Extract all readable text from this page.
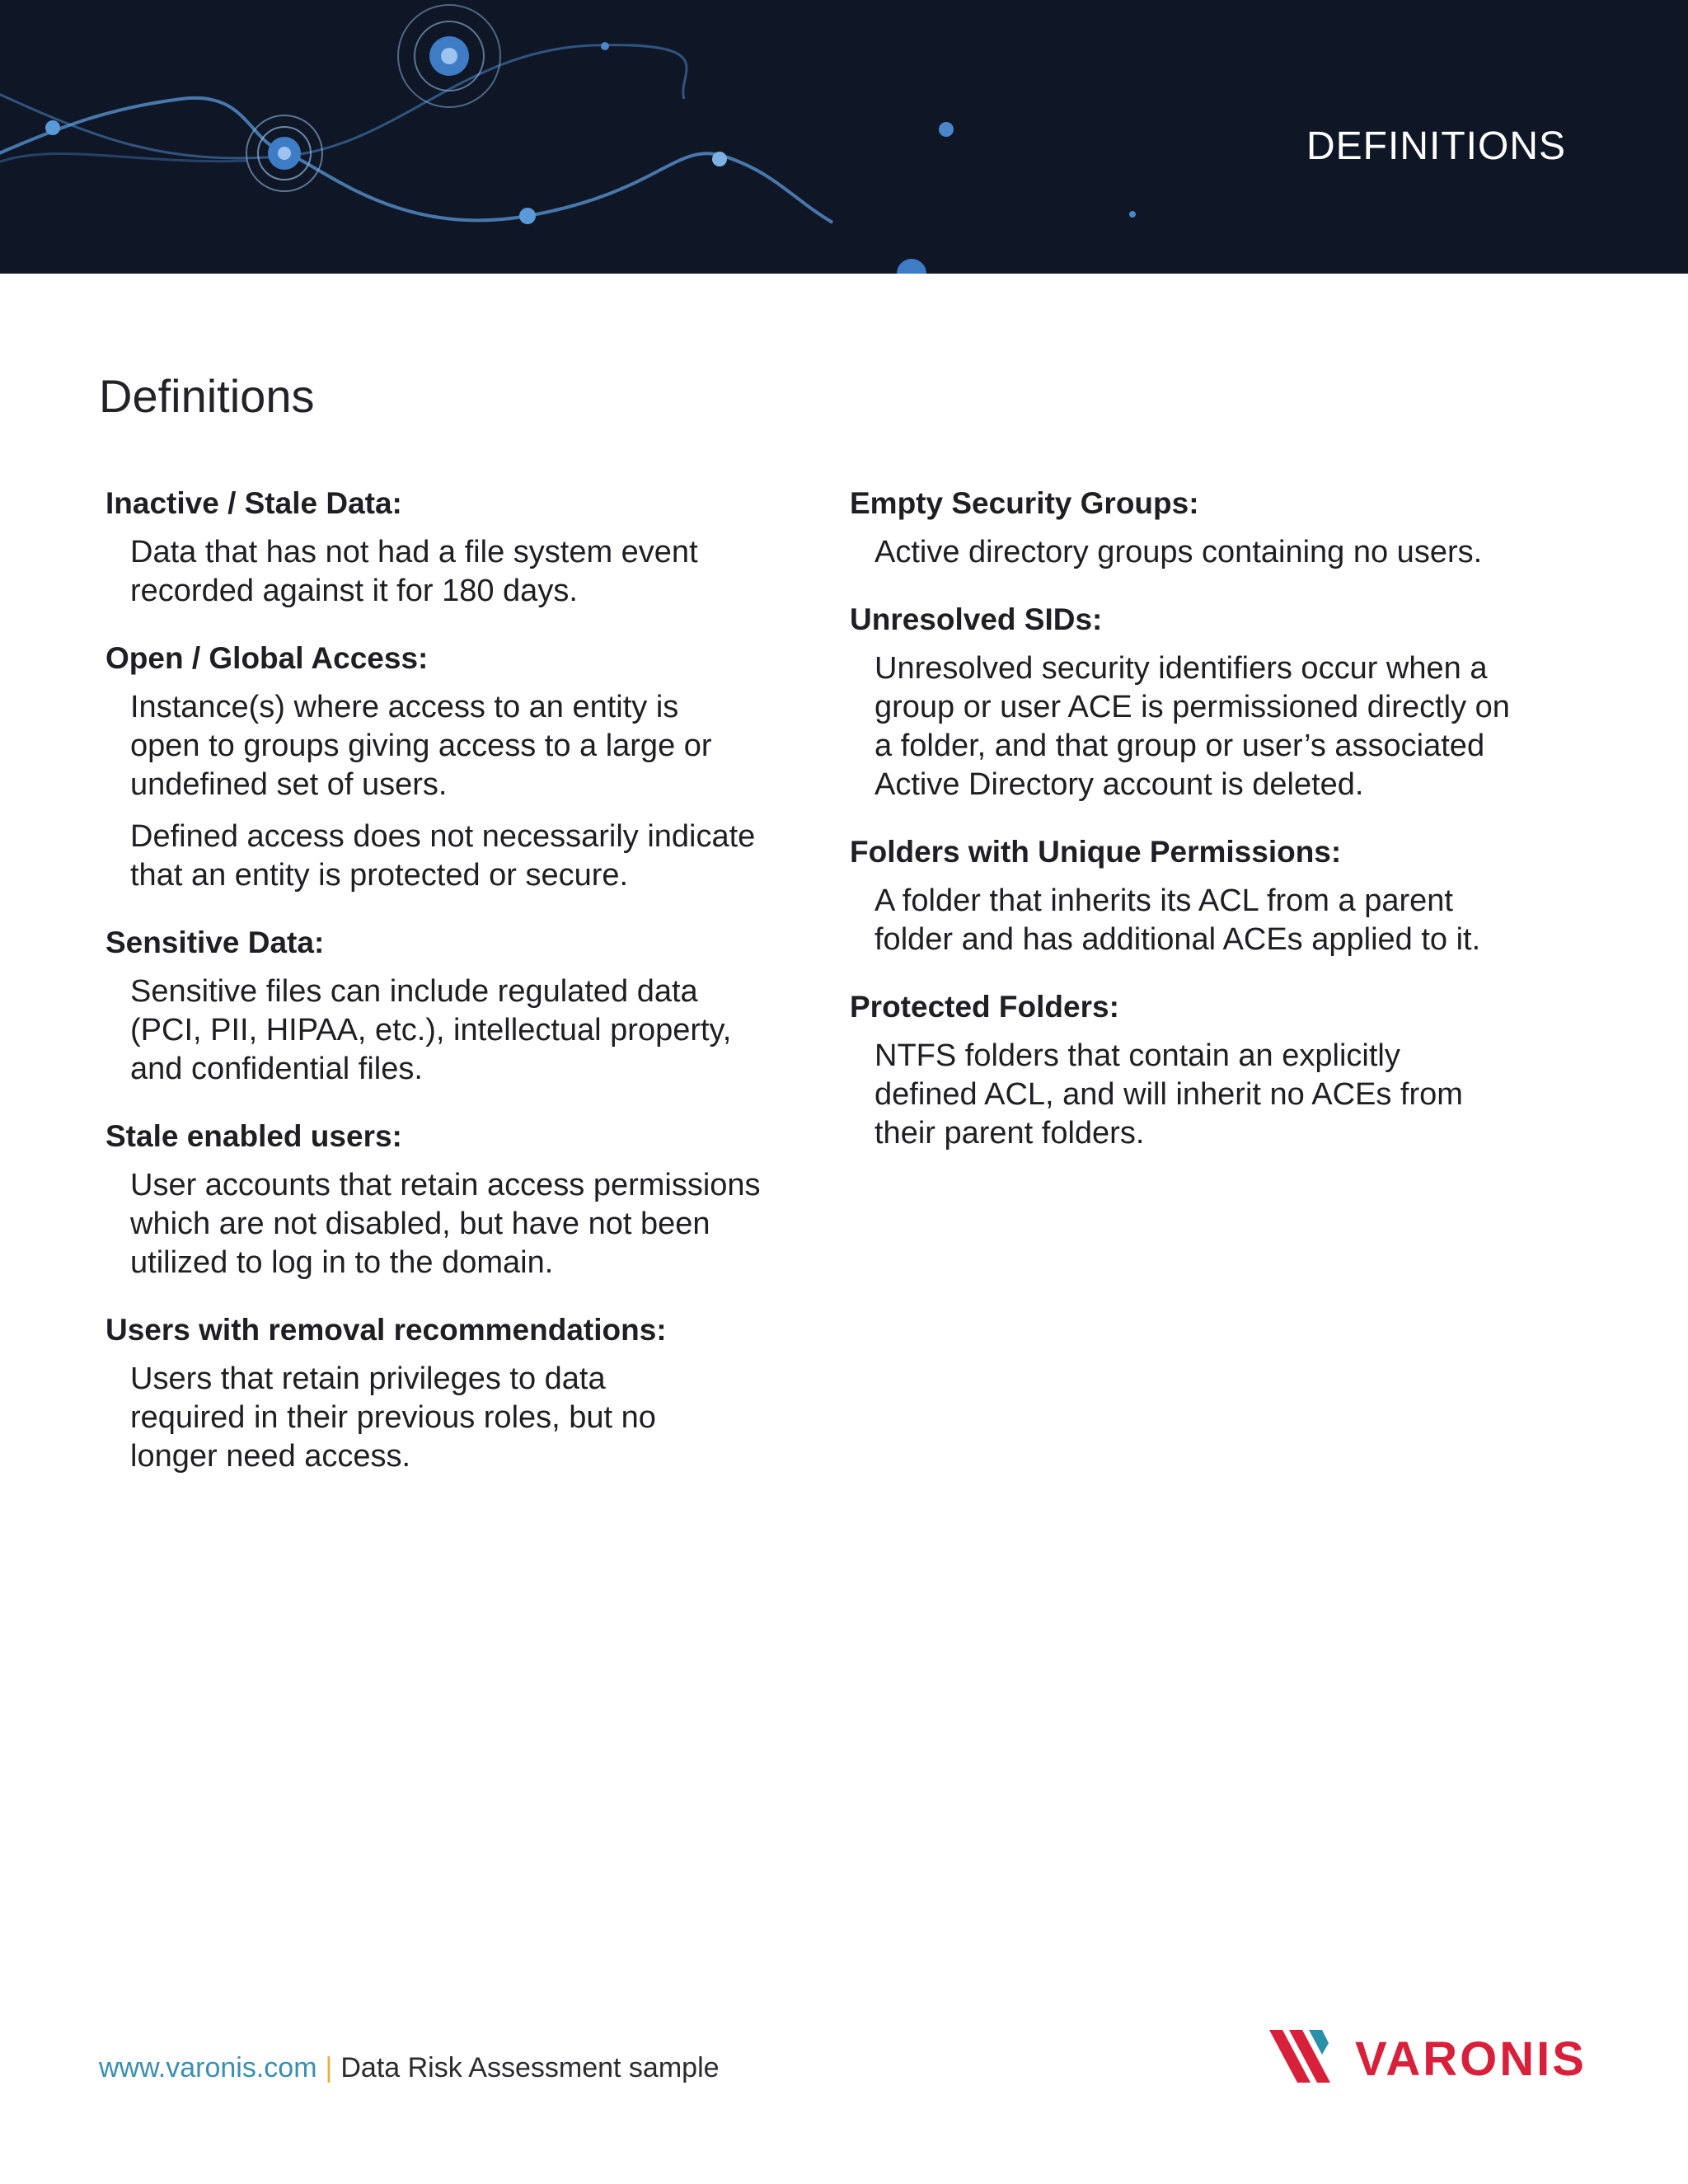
DEFINITIONS
Definitions
Inactive / Stale Data:
Data that has not had a file system event
recorded against it for 180 days.
Open / Global Access:
Instance(s) where access to an entity is
open to groups giving access to a large or
undefined set of users.
Defined access does not necessarily indicate
that an entity is protected or secure.
Sensitive Data:
Sensitive files can include regulated data
(PCI, PII, HIPAA, etc.), intellectual property,
and confidential files.
Stale enabled users:
User accounts that retain access permissions
which are not disabled, but have not been
utilized to log in to the domain.
Users with removal recommendations:
Users that retain privileges to data
required in their previous roles, but no
longer need access.
Empty Security Groups:
Active directory groups containing no users.
Unresolved SIDs:
Unresolved security identifiers occur when a
group or user ACE is permissioned directly on
a folder, and that group or user’s associated
Active Directory account is deleted.
Folders with Unique Permissions:
A folder that inherits its ACL from a parent
folder and has additional ACEs applied to it.
Protected Folders:
NTFS folders that contain an explicitly
defined ACL, and will inherit no ACEs from
their parent folders.
www.varonis.com | Data Risk Assessment sample	VARONIS
